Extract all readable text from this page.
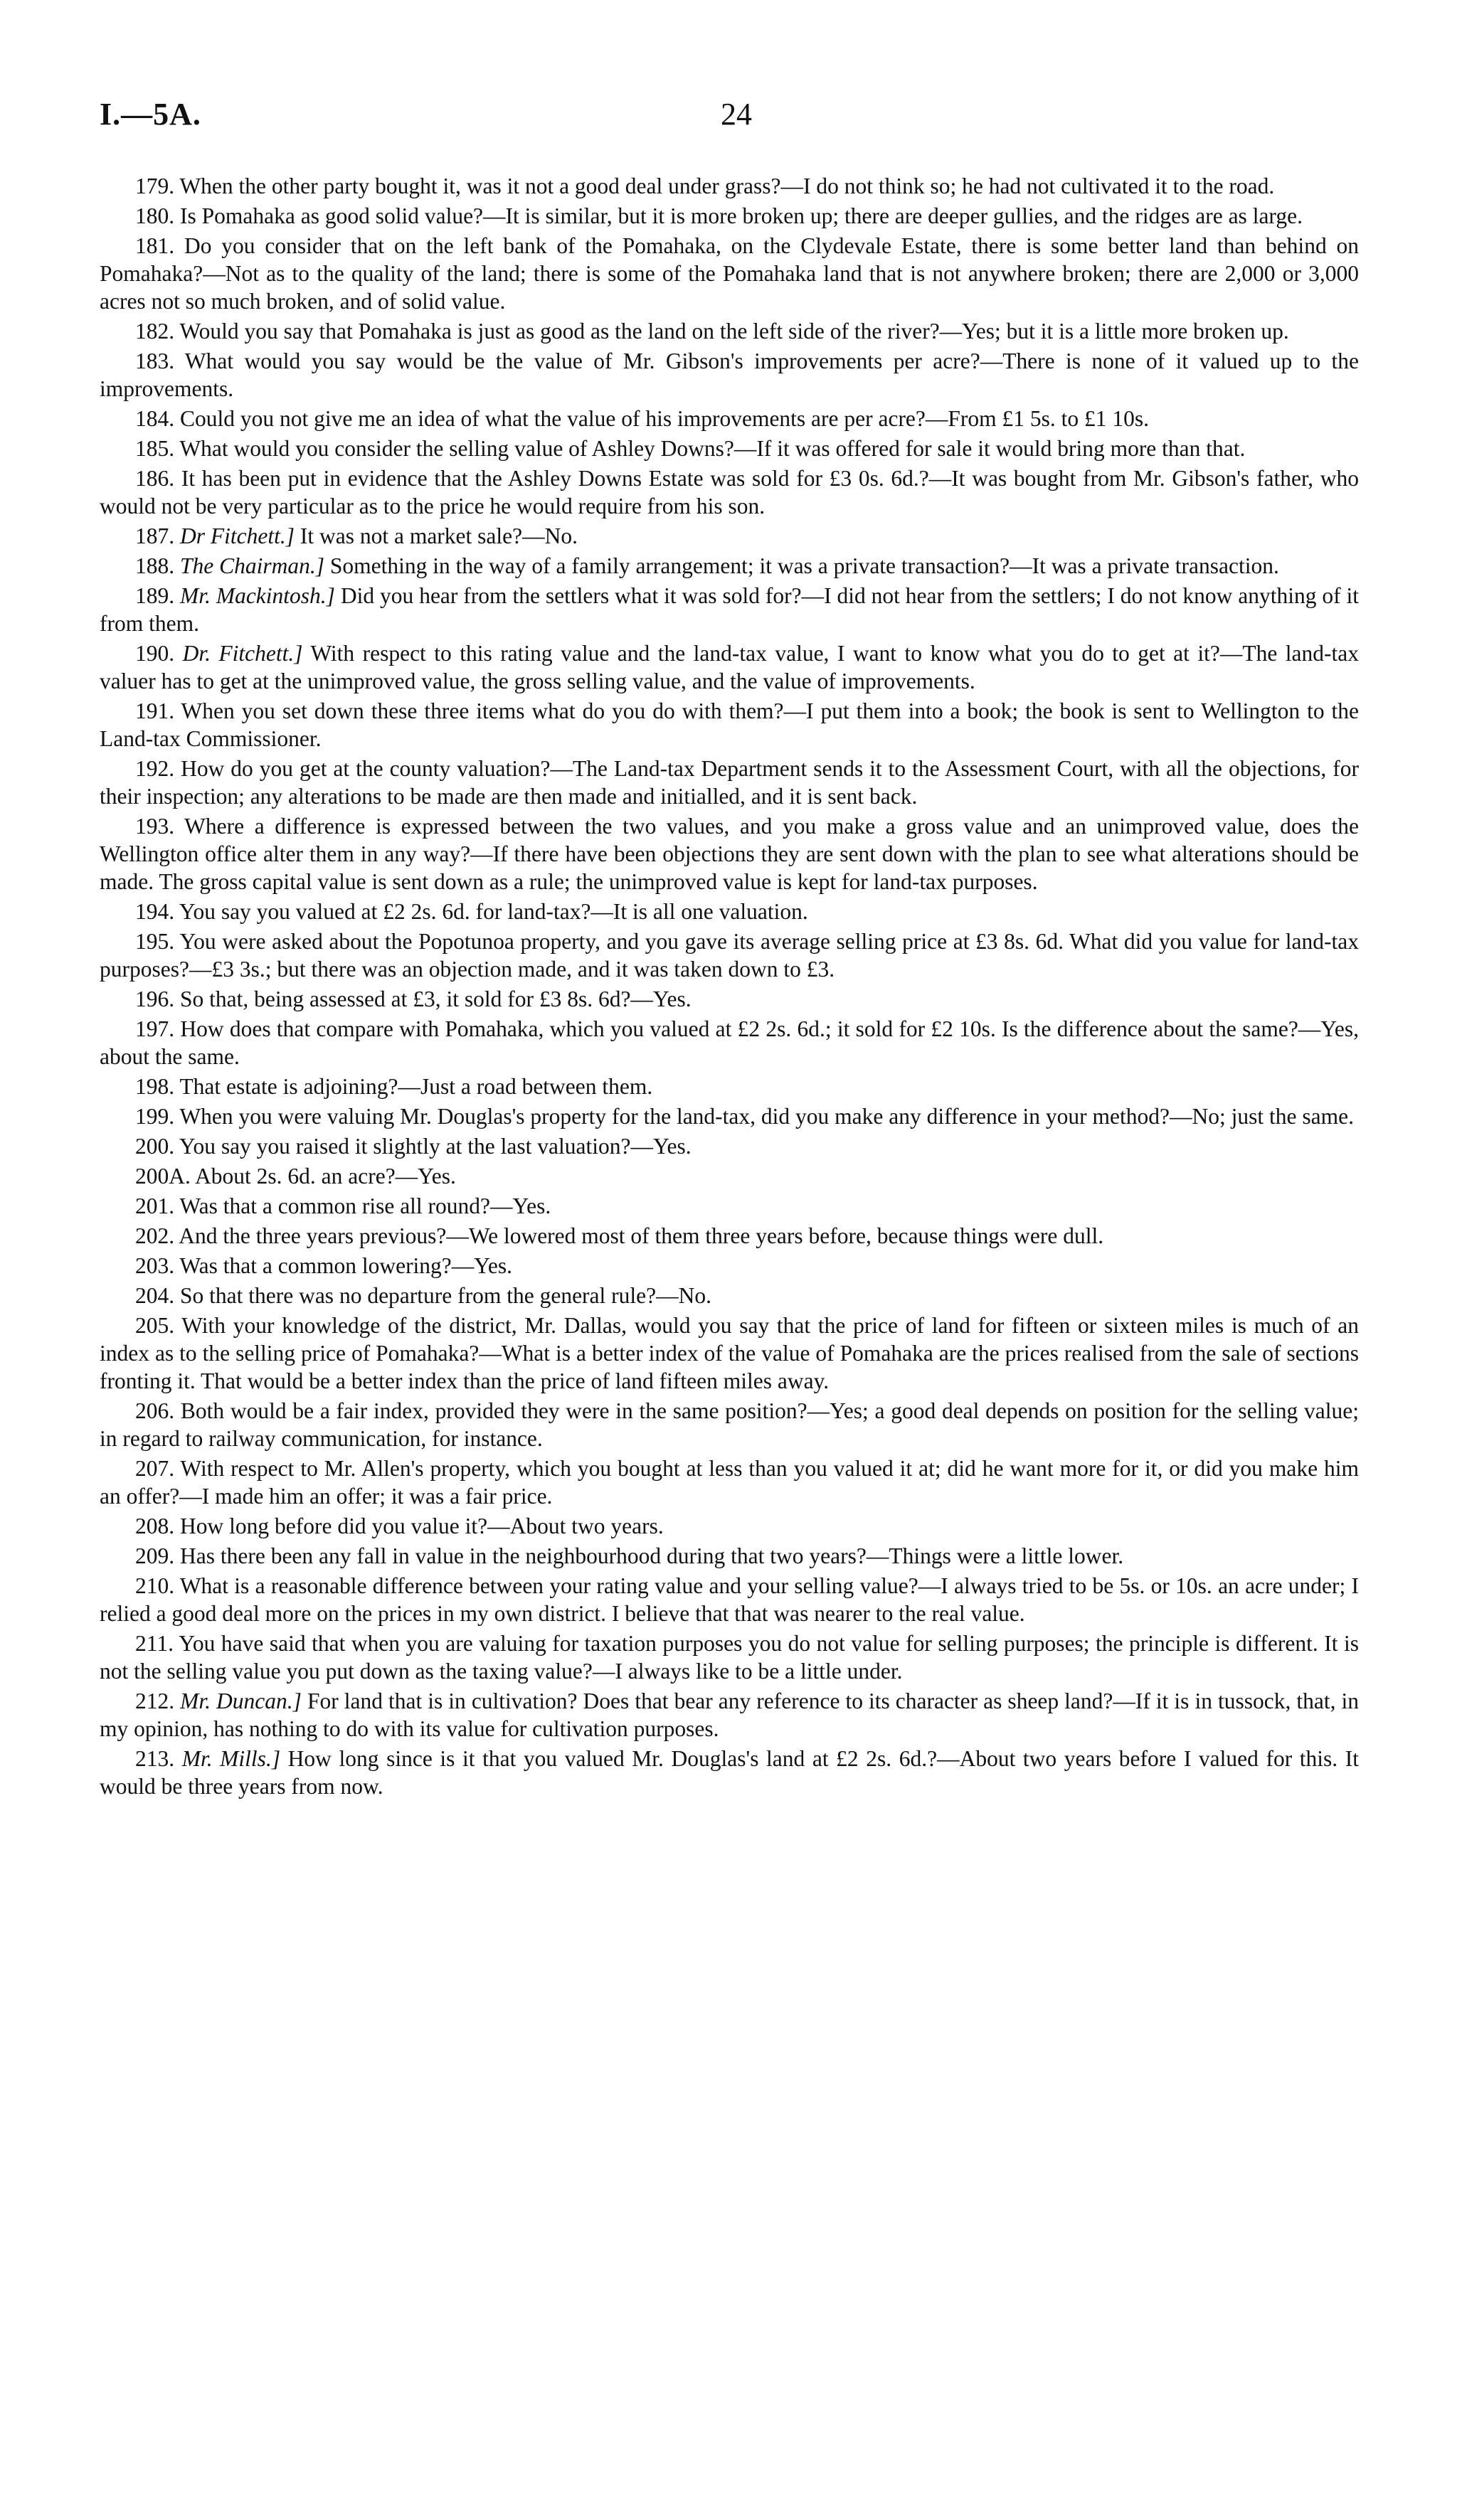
24
I.—5A.

179. When the other party bought it, was it not a good deal under grass?—I do not think so; he had not cultivated it to the road.

180. Is Pomahaka as good solid value?—It is similar, but it is more broken up; there are deeper gullies, and the ridges are as large.

181. Do you consider that on the left bank of the Pomahaka, on the Clydevale Estate, there is some better land than behind on Pomahaka?—Not as to the quality of the land; there is some of the Pomahaka land that is not anywhere broken; there are 2,000 or 3,000 acres not so much broken, and of solid value.

182. Would you say that Pomahaka is just as good as the land on the left side of the river?—Yes; but it is a little more broken up.

183. What would you say would be the value of Mr. Gibson's improvements per acre?—There is none of it valued up to the improvements.

184. Could you not give me an idea of what the value of his improvements are per acre?—From £1 5s. to £1 10s.

185. What would you consider the selling value of Ashley Downs?—If it was offered for sale it would bring more than that.

186. It has been put in evidence that the Ashley Downs Estate was sold for £3 0s. 6d.?—It was bought from Mr. Gibson's father, who would not be very particular as to the price he would require from his son.

187. Dr Fitchett.] It was not a market sale?—No.

188. The Chairman.] Something in the way of a family arrangement; it was a private transaction?—It was a private transaction.

189. Mr. Mackintosh.] Did you hear from the settlers what it was sold for?—I did not hear from the settlers; I do not know anything of it from them.

190. Dr. Fitchett.] With respect to this rating value and the land-tax value, I want to know what you do to get at it?—The land-tax valuer has to get at the unimproved value, the gross selling value, and the value of improvements.

191. When you set down these three items what do you do with them?—I put them into a book; the book is sent to Wellington to the Land-tax Commissioner.

192. How do you get at the county valuation?—The Land-tax Department sends it to the Assessment Court, with all the objections, for their inspection; any alterations to be made are then made and initialled, and it is sent back.

193. Where a difference is expressed between the two values, and you make a gross value and an unimproved value, does the Wellington office alter them in any way?—If there have been objections they are sent down with the plan to see what alterations should be made. The gross capital value is sent down as a rule; the unimproved value is kept for land-tax purposes.

194. You say you valued at £2 2s. 6d. for land-tax?—It is all one valuation.

195. You were asked about the Popotunoa property, and you gave its average selling price at £3 8s. 6d. What did you value for land-tax purposes?—£3 3s.; but there was an objection made, and it was taken down to £3.

196. So that, being assessed at £3, it sold for £3 8s. 6d?—Yes.

197. How does that compare with Pomahaka, which you valued at £2 2s. 6d.; it sold for £2 10s. Is the difference about the same?—Yes, about the same.

198. That estate is adjoining?—Just a road between them.

199. When you were valuing Mr. Douglas's property for the land-tax, did you make any difference in your method?—No; just the same.

200. You say you raised it slightly at the last valuation?—Yes.

200A. About 2s. 6d. an acre?—Yes.

201. Was that a common rise all round?—Yes.

202. And the three years previous?—We lowered most of them three years before, because things were dull.

203. Was that a common lowering?—Yes.

204. So that there was no departure from the general rule?—No.

205. With your knowledge of the district, Mr. Dallas, would you say that the price of land for fifteen or sixteen miles is much of an index as to the selling price of Pomahaka?—What is a better index of the value of Pomahaka are the prices realised from the sale of sections fronting it. That would be a better index than the price of land fifteen miles away.

206. Both would be a fair index, provided they were in the same position?—Yes; a good deal depends on position for the selling value; in regard to railway communication, for instance.

207. With respect to Mr. Allen's property, which you bought at less than you valued it at; did he want more for it, or did you make him an offer?—I made him an offer; it was a fair price.

208. How long before did you value it?—About two years.

209. Has there been any fall in value in the neighbourhood during that two years?—Things were a little lower.

210. What is a reasonable difference between your rating value and your selling value?—I always tried to be 5s. or 10s. an acre under; I relied a good deal more on the prices in my own district. I believe that that was nearer to the real value.

211. You have said that when you are valuing for taxation purposes you do not value for selling purposes; the principle is different. It is not the selling value you put down as the taxing value?—I always like to be a little under.

212. Mr. Duncan.] For land that is in cultivation? Does that bear any reference to its character as sheep land?—If it is in tussock, that, in my opinion, has nothing to do with its value for cultivation purposes.

213. Mr. Mills.] How long since is it that you valued Mr. Douglas's land at £2 2s. 6d.?—About two years before I valued for this. It would be three years from now.
